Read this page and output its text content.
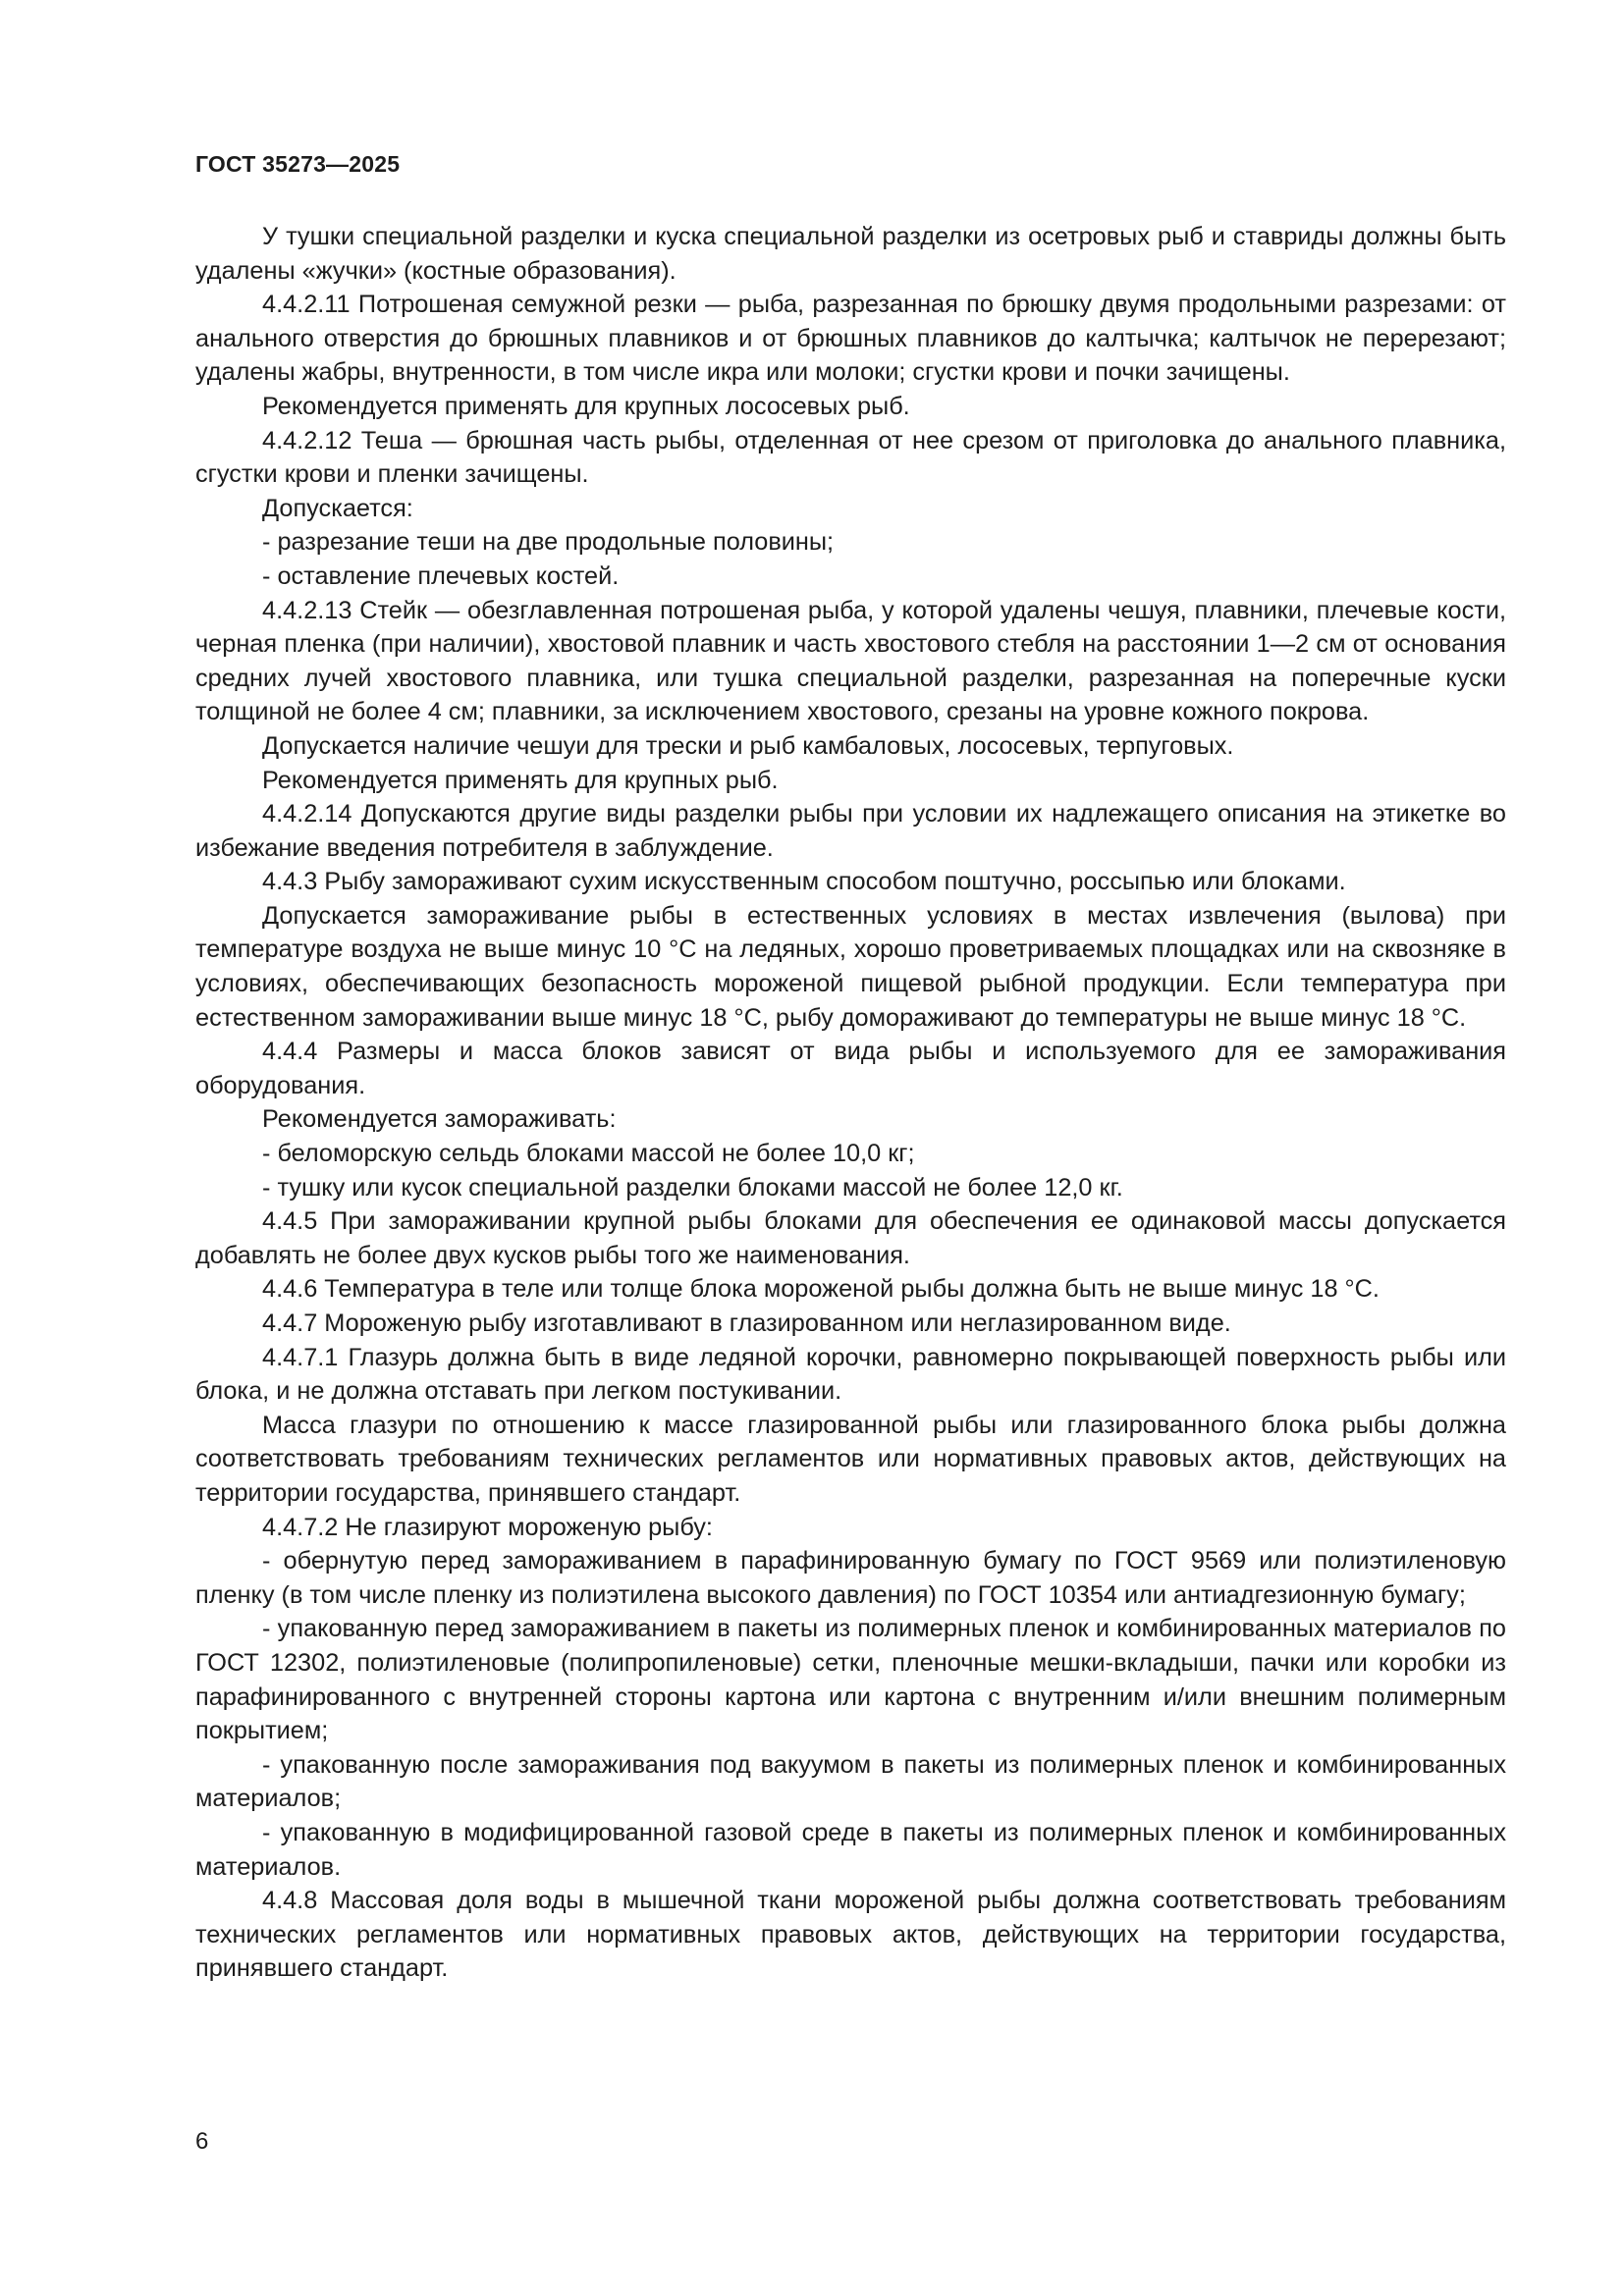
ГОСТ 35273—2025

У тушки специальной разделки и куска специальной разделки из осетровых рыб и ставриды должны быть удалены «жучки» (костные образования).

4.4.2.11 Потрошеная семужной резки — рыба, разрезанная по брюшку двумя продольными разрезами: от анального отверстия до брюшных плавников и от брюшных плавников до калтычка; калтычок не перерезают; удалены жабры, внутренности, в том числе икра или молоки; сгустки крови и почки зачищены.

Рекомендуется применять для крупных лососевых рыб.

4.4.2.12 Теша — брюшная часть рыбы, отделенная от нее срезом от приголовка до анального плавника, сгустки крови и пленки зачищены.

Допускается:

- разрезание теши на две продольные половины;

- оставление плечевых костей.

4.4.2.13 Стейк — обезглавленная потрошеная рыба, у которой удалены чешуя, плавники, плечевые кости, черная пленка (при наличии), хвостовой плавник и часть хвостового стебля на расстоянии 1—2 см от основания средних лучей хвостового плавника, или тушка специальной разделки, разрезанная на поперечные куски толщиной не более 4 см; плавники, за исключением хвостового, срезаны на уровне кожного покрова.

Допускается наличие чешуи для трески и рыб камбаловых, лососевых, терпуговых.

Рекомендуется применять для крупных рыб.

4.4.2.14 Допускаются другие виды разделки рыбы при условии их надлежащего описания на этикетке во избежание введения потребителя в заблуждение.

4.4.3 Рыбу замораживают сухим искусственным способом поштучно, россыпью или блоками.

Допускается замораживание рыбы в естественных условиях в местах извлечения (вылова) при температуре воздуха не выше минус 10 °С на ледяных, хорошо проветриваемых площадках или на сквозняке в условиях, обеспечивающих безопасность мороженой пищевой рыбной продукции. Если температура при естественном замораживании выше минус 18 °С, рыбу домораживают до температуры не выше минус 18 °С.

4.4.4 Размеры и масса блоков зависят от вида рыбы и используемого для ее замораживания оборудования.

Рекомендуется замораживать:

- беломорскую сельдь блоками массой не более 10,0 кг;

- тушку или кусок специальной разделки блоками массой не более 12,0 кг.

4.4.5 При замораживании крупной рыбы блоками для обеспечения ее одинаковой массы допускается добавлять не более двух кусков рыбы того же наименования.

4.4.6 Температура в теле или толще блока мороженой рыбы должна быть не выше минус 18 °С.

4.4.7 Мороженую рыбу изготавливают в глазированном или неглазированном виде.

4.4.7.1 Глазурь должна быть в виде ледяной корочки, равномерно покрывающей поверхность рыбы или блока, и не должна отставать при легком постукивании.

Масса глазури по отношению к массе глазированной рыбы или глазированного блока рыбы должна соответствовать требованиям технических регламентов или нормативных правовых актов, действующих на территории государства, принявшего стандарт.

4.4.7.2 Не глазируют мороженую рыбу:

- обернутую перед замораживанием в парафинированную бумагу по ГОСТ 9569 или полиэтиленовую пленку (в том числе пленку из полиэтилена высокого давления) по ГОСТ 10354 или антиадгезионную бумагу;

- упакованную перед замораживанием в пакеты из полимерных пленок и комбинированных материалов по ГОСТ 12302, полиэтиленовые (полипропиленовые) сетки, пленочные мешки-вкладыши, пачки или коробки из парафинированного с внутренней стороны картона или картона с внутренним и/или внешним полимерным покрытием;

- упакованную после замораживания под вакуумом в пакеты из полимерных пленок и комбинированных материалов;

- упакованную в модифицированной газовой среде в пакеты из полимерных пленок и комбинированных материалов.

4.4.8 Массовая доля воды в мышечной ткани мороженой рыбы должна соответствовать требованиям технических регламентов или нормативных правовых актов, действующих на территории государства, принявшего стандарт.

6
